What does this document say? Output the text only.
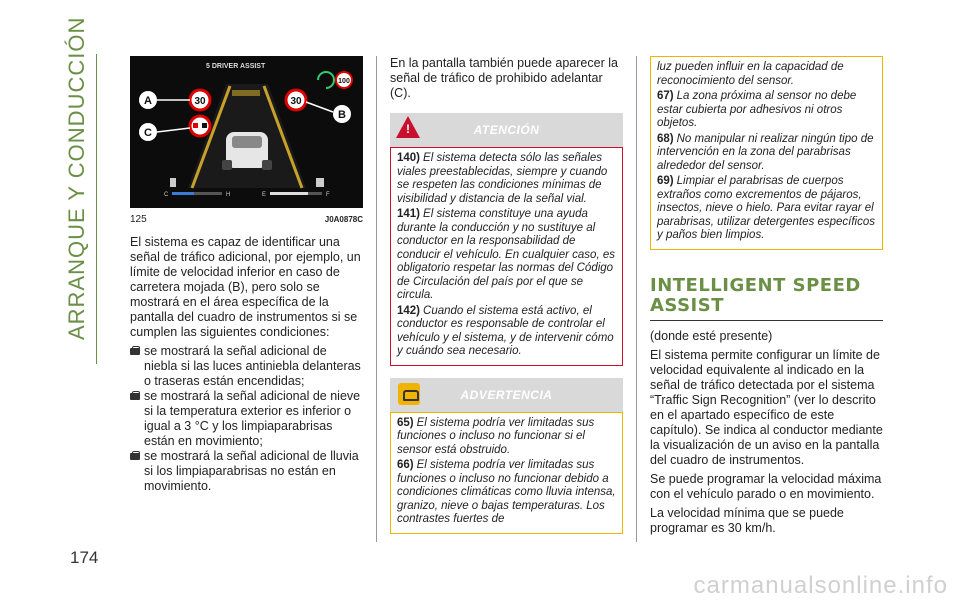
ARRANQUE Y CONDUCCIÓN
174
5 DRIVER ASSIST
30	30
100
A
C
B
C	H	E	F
125	J0A0878C

El sistema es capaz de identificar una señal de tráfico adicional, por ejemplo, un límite de velocidad inferior en caso de carretera mojada (B), pero solo se mostrará en el área específica de la pantalla del cuadro de instrumentos si se cumplen las siguientes condiciones:

se mostrará la señal adicional de niebla si las luces antiniebla delanteras o traseras están encendidas;
se mostrará la señal adicional de nieve si la temperatura exterior es inferior o igual a 3 °C y los limpiaparabrisas están en movimiento;
se mostrará la señal adicional de lluvia si los limpiaparabrisas no están en movimiento.

En la pantalla también puede aparecer la señal de tráfico de prohibido adelantar (C).

!	ATENCIÓN
140) El sistema detecta sólo las señales viales preestablecidas, siempre y cuando se respeten las condiciones mínimas de visibilidad y distancia de la señal vial.
141) El sistema constituye una ayuda durante la conducción y no sustituye al conductor en la responsabilidad de conducir el vehículo. En cualquier caso, es obligatorio respetar las normas del Código de Circulación del país por el que se circula.
142) Cuando el sistema está activo, el conductor es responsable de controlar el vehículo y el sistema, y de intervenir cómo y cuándo sea necesario.
ADVERTENCIA
65) El sistema podría ver limitadas sus funciones o incluso no funcionar si el sensor está obstruido.
66) El sistema podría ver limitadas sus funciones o incluso no funcionar debido a condiciones climáticas como lluvia intensa, granizo, nieve o bajas temperaturas. Los contrastes fuertes de
luz pueden influir en la capacidad de reconocimiento del sensor.
67) La zona próxima al sensor no debe estar cubierta por adhesivos ni otros objetos.
68) No manipular ni realizar ningún tipo de intervención en la zona del parabrisas alrededor del sensor.
69) Limpiar el parabrisas de cuerpos extraños como excrementos de pájaros, insectos, nieve o hielo. Para evitar rayar el parabrisas, utilizar detergentes específicos y paños bien limpios.
INTELLIGENT SPEED ASSIST

(donde esté presente)

El sistema permite configurar un límite de velocidad equivalente al indicado en la señal de tráfico detectada por el sistema “Traffic Sign Recognition” (ver lo descrito en el apartado específico de este capítulo). Se indica al conductor mediante la visualización de un aviso en la pantalla del cuadro de instrumentos.

Se puede programar la velocidad máxima con el vehículo parado o en movimiento.

La velocidad mínima que se puede programar es 30 km/h.

carmanualsonline.info
